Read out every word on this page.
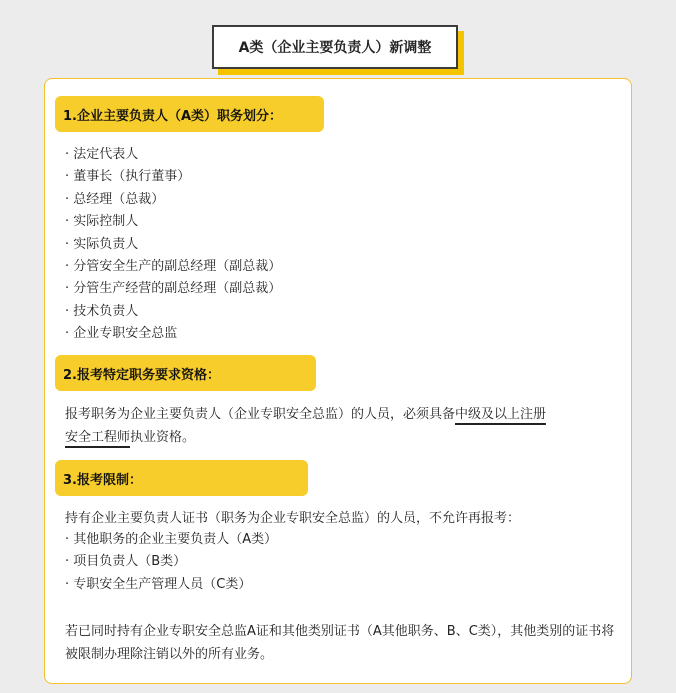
A类（企业主要负责人）新调整
1.企业主要负责人（A类）职务划分：
· 法定代表人
· 董事长（执行董事）
· 总经理（总裁）
· 实际控制人
· 实际负责人
· 分管安全生产的副总经理（副总裁）
· 分管生产经营的副总经理（副总裁）
· 技术负责人
· 企业专职安全总监
2.报考特定职务要求资格：
报考职务为企业主要负责人（企业专职安全总监）的人员，必须具备中级及以上注册
安全工程师执业资格。
3.报考限制：
持有企业主要负责人证书（职务为企业专职安全总监）的人员，不允许再报考：
· 其他职务的企业主要负责人（A类）
· 项目负责人（B类）
· 专职安全生产管理人员（C类）
若已同时持有企业专职安全总监A证和其他类别证书（A其他职务、B、C类），其他类别的证书将被限制办理除注销以外的所有业务。
